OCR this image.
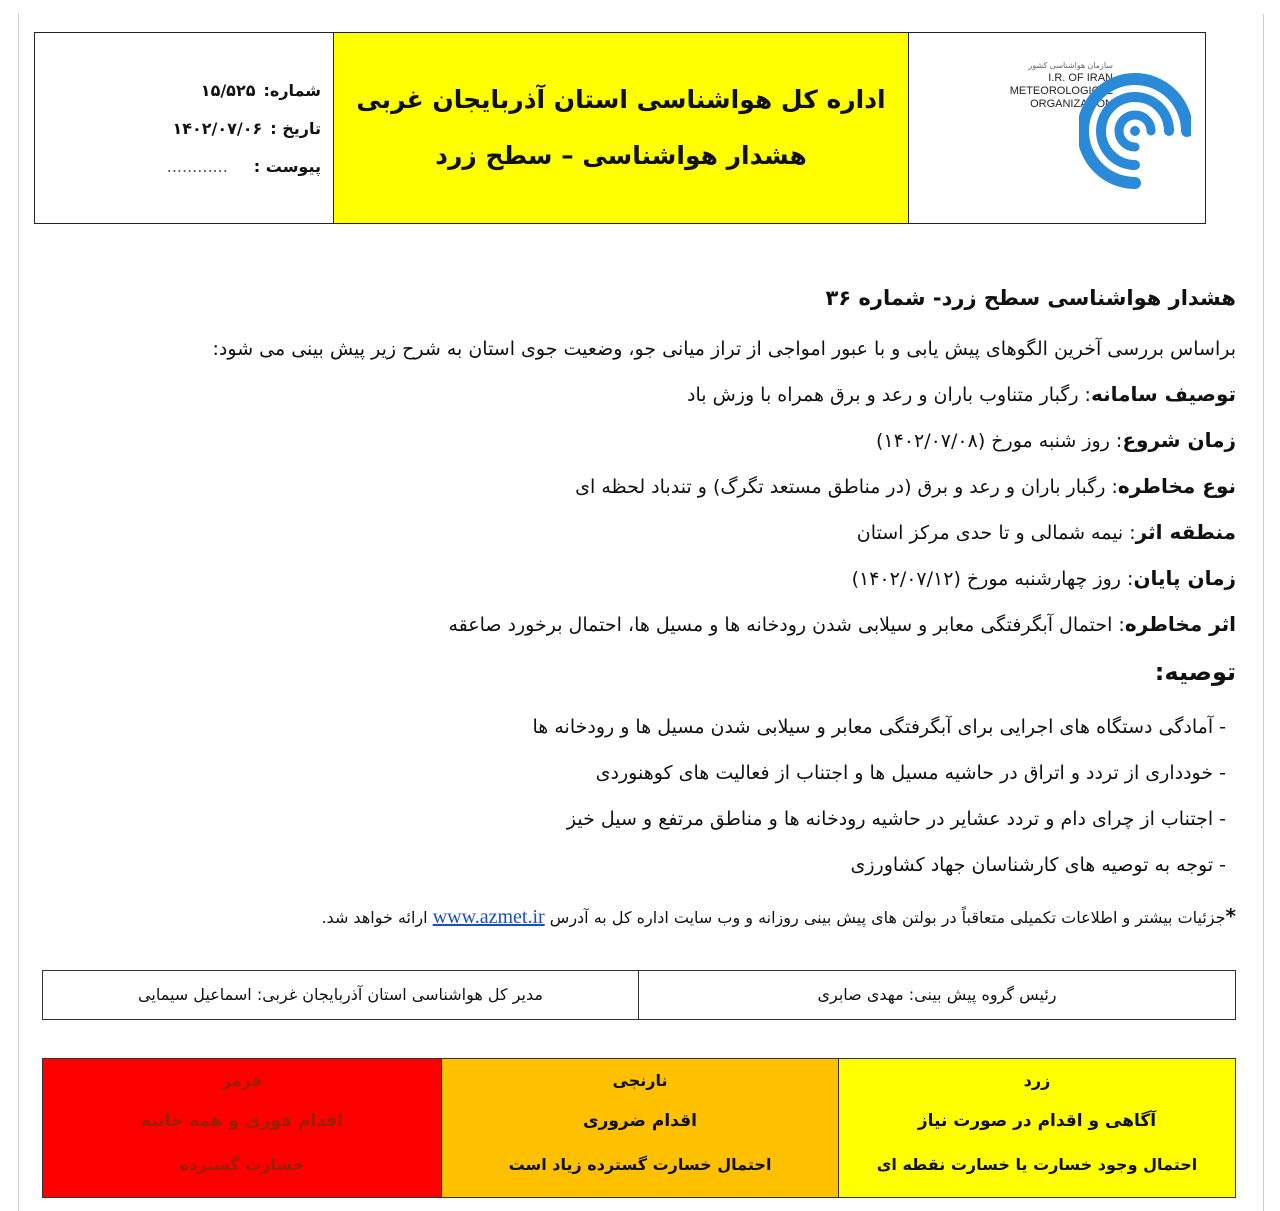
شماره:۱۵/۵۲۵
تاریخ :۱۴۰۲/۰۷/۰۶
پیوست :............
اداره کل هواشناسی استان آذربایجان غربی
هشدار هواشناسی – سطح زرد
سازمان هواشناسی کشور
I.R. OF IRAN
METEOROLOGICAL
ORGANIZATION
هشدار هواشناسی سطح زرد- شماره ۳۶
براساس بررسی آخرین الگوهای پیش یابی و با عبور امواجی از تراز میانی جو، وضعیت جوی استان به شرح زیر پیش بینی می شود:
توصیف سامانه: رگبار متناوب باران و رعد و برق همراه با وزش باد
زمان شروع: روز شنبه مورخ (۱۴۰۲/۰۷/۰۸)
نوع مخاطره: رگبار باران و رعد و برق (در مناطق مستعد تگرگ) و تندباد لحظه ای
منطقه اثر: نیمه شمالی و تا حدی مرکز استان
زمان پایان: روز چهارشنبه مورخ (۱۴۰۲/۰۷/۱۲)
اثر مخاطره: احتمال آبگرفتگی معابر و سیلابی شدن رودخانه ها و مسیل ها، احتمال برخورد صاعقه
توصیه:
- آمادگی دستگاه های اجرایی برای آبگرفتگی معابر و سیلابی شدن مسیل ها و رودخانه ها
- خودداری از تردد و اتراق در حاشیه مسیل ها و اجتناب از فعالیت های کوهنوردی
- اجتناب از چرای دام و تردد عشایر در حاشیه رودخانه ها و مناطق مرتفع و سیل خیز
- توجه به توصیه های کارشناسان جهاد کشاورزی
*جزئیات بیشتر و اطلاعات تکمیلی متعاقباً در بولتن های پیش بینی روزانه و وب سایت اداره کل به آدرس www.azmet.ir ارائه خواهد شد.
رئیس گروه پیش بینی: مهدی صابری
مدیر کل هواشناسی استان آذربایجان غربی: اسماعیل سیمایی
زرد
آگاهی و اقدام در صورت نیاز
احتمال وجود خسارت یا خسارت نقطه ای
نارنجی
اقدام ضروری
احتمال خسارت گسترده زیاد است
قرمز
اقدام فوری و همه جانبه
خسارت گسترده
